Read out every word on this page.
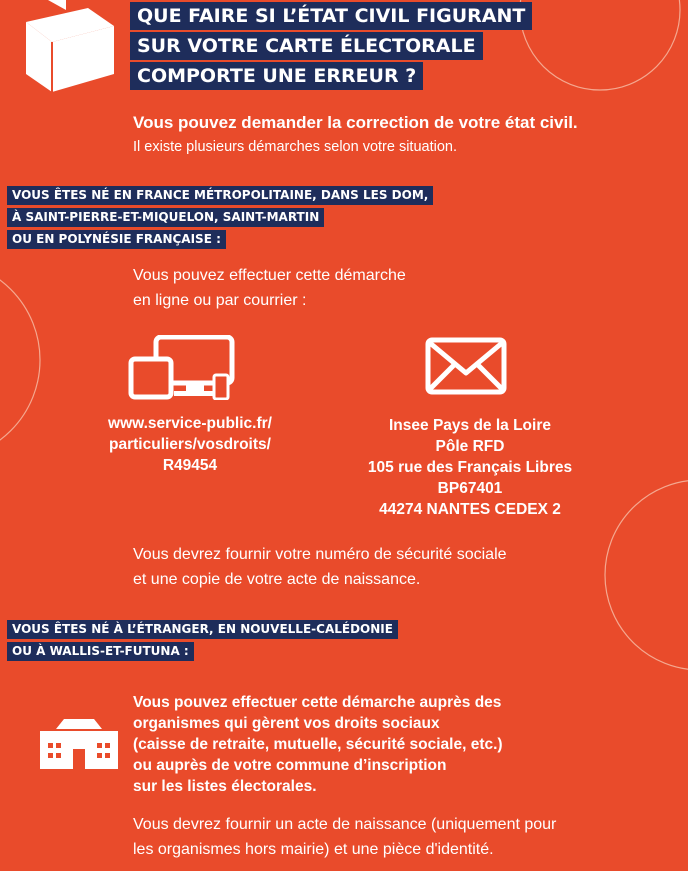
QUE FAIRE SI L’ÉTAT CIVIL FIGURANT
SUR VOTRE CARTE ÉLECTORALE
COMPORTE UNE ERREUR ?
Vous pouvez demander la correction de votre état civil.
Il existe plusieurs démarches selon votre situation.
VOUS ÊTES NÉ EN FRANCE MÉTROPOLITAINE, DANS LES DOM,
À SAINT-PIERRE-ET-MIQUELON, SAINT-MARTIN
OU EN POLYNÉSIE FRANÇAISE :
Vous pouvez effectuer cette démarche
en ligne ou par courrier :
www.service-public.fr/
particuliers/vosdroits/
R49454
Insee Pays de la Loire
Pôle RFD
105 rue des Français Libres
BP67401
44274 NANTES CEDEX 2
Vous devrez fournir votre numéro de sécurité sociale
et une copie de votre acte de naissance.
VOUS ÊTES NÉ À L’ÉTRANGER, EN NOUVELLE-CALÉDONIE
OU À WALLIS-ET-FUTUNA :
Vous pouvez effectuer cette démarche auprès des
organismes qui gèrent vos droits sociaux
(caisse de retraite, mutuelle, sécurité sociale, etc.)
ou auprès de votre commune d’inscription
sur les listes électorales.
Vous devrez fournir un acte de naissance (uniquement pour
les organismes hors mairie) et une pièce d'identité.
